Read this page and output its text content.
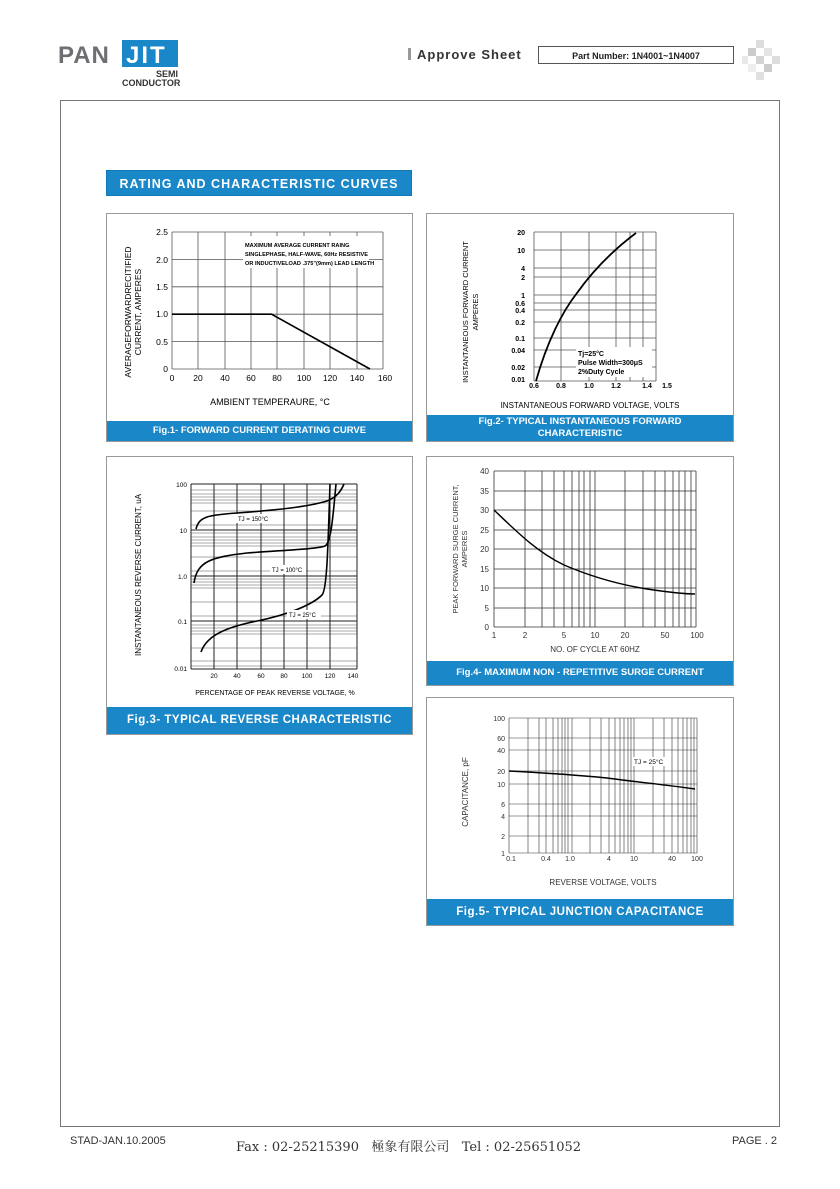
PAN JIT
SEMI
CONDUCTOR
Approve Sheet	Part Number: 1N4001~1N4007
RATING AND CHARACTERISTIC CURVES
MAXIMUM AVERAGE CURRENT RAING
SINGLEPHASE, HALF-WAVE, 60Hz RESISTIVE
OR INDUCTIVELOAD .375"(9mm) LEAD LENGTH
0
0.5
1.0
1.5
2.0
2.5
0 20 40 60 80 100 120 140 160
AMBIENT TEMPERAURE, °C
AVERAGEFORWARDRECITIFIED CURRENT, AMPERES
Fig.1- FORWARD CURRENT DERATING CURVE
Tj=25°C
Pulse Width=300μS
2%Duty Cycle
20
10
4
2
1
0.6
0.4
0.2
0.1
0.04
0.02
0.01
0.6 0.8	1.0 1.2	1.4 1.5
INSTANTANEOUS FORWARD VOLTAGE, VOLTS
INSTANTANEOUS FORWARD CURRENT AMPERES
Fig.2- TYPICAL INSTANTANEOUS FORWARD
CHARACTERISTIC
TJ = 150°C
TJ = 100°C
TJ = 25°C
100
10
1.0
0.1
0.01
20 40	60 80 100 120 140
PERCENTAGE OF PEAK REVERSE VOLTAGE, %
INSTANTANEOUS REVERSE CURRENT, uA
Fig.3- TYPICAL REVERSE CHARACTERISTIC
0
5
10
15
20
25
30
35
40
1	2	5	10	20	50	100
NO. OF CYCLE AT 60HZ
PEAK FORWARD SURGE CURRENT, AMPERES
Fig.4- MAXIMUM NON - REPETITIVE SURGE CURRENT
TJ = 25°C
100
60
40
20
10
6
4
2
1
0.1	0.4 1.0	4	10	40 100
REVERSE VOLTAGE, VOLTS
CAPACITANCE, pF
Fig.5- TYPICAL JUNCTION CAPACITANCE
STAD-JAN.10.2005	Fax : 02-25215390   極象有限公司   Tel : 02-25651052	PAGE . 2
